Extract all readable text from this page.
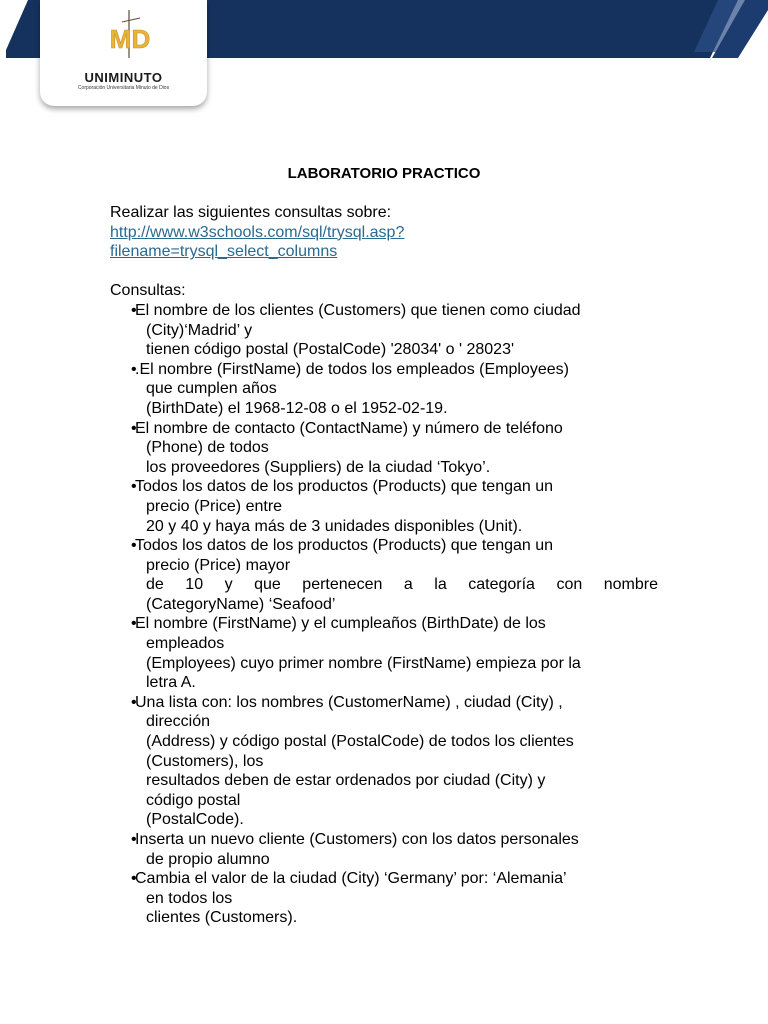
MD
UNIMINUTO
Corporación Universitaria Minuto de Dios
LABORATORIO PRACTICO

Realizar las siguientes consultas sobre:

http://www.w3schools.com/sql/trysql.asp?
filename=trysql_select_columns

Consultas:

• El nombre de los clientes (Customers) que tienen como ciudad
(City)‘Madrid’ y
tienen código postal (PostalCode) '28034' o ' 28023'
• .El nombre (FirstName) de todos los empleados (Employees)
que cumplen años
(BirthDate) el 1968-12-08 o el 1952-02-19.
• El nombre de contacto (ContactName) y número de teléfono
(Phone) de todos
los proveedores (Suppliers) de la ciudad ‘Tokyo’.
• Todos los datos de los productos (Products) que tengan un
precio (Price) entre
20 y 40 y haya más de 3 unidades disponibles (Unit).
• Todos los datos de los productos (Products) que tengan un
precio (Price) mayor
de 10 y que pertenecen a la categoría con nombre
(CategoryName) ‘Seafood’
• El nombre (FirstName) y el cumpleaños (BirthDate) de los
empleados
(Employees) cuyo primer nombre (FirstName) empieza por la
letra A.
• Una lista con: los nombres (CustomerName) , ciudad (City) ,
dirección
(Address) y código postal (PostalCode) de todos los clientes
(Customers), los
resultados deben de estar ordenados por ciudad (City) y
código postal
(PostalCode).
• Inserta un nuevo cliente (Customers) con los datos personales
de propio alumno
• Cambia el valor de la ciudad (City) ‘Germany’ por: ‘Alemania’
en todos los
clientes (Customers).
